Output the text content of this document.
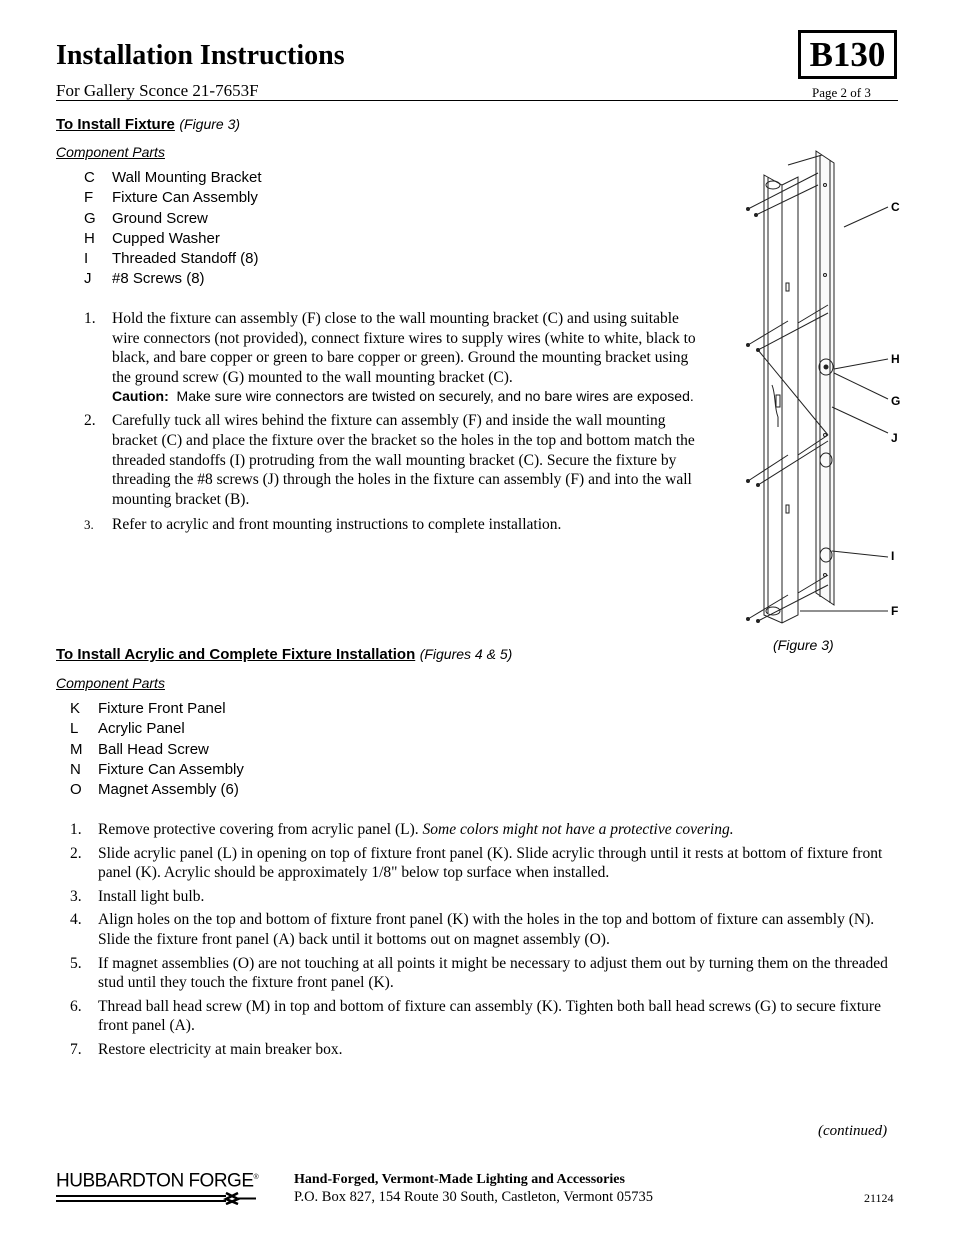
Installation Instructions	B130
For Gallery Sconce 21-7653F	Page 2 of 3
To Install Fixture (Figure 3)
Component Parts
C	Wall Mounting Bracket
F	Fixture Can Assembly
G	Ground Screw
H	Cupped Washer
I	Threaded Standoff (8)
J	#8 Screws (8)
1.	Hold the fixture can assembly (F) close to the wall mounting bracket (C) and using suitable wire connectors (not provided), connect fixture wires to supply wires (white to white, black to black, and bare copper or green to bare copper or green). Ground the mounting bracket using the ground screw (G) mounted to the wall mounting bracket (C).
Caution: Make sure wire connectors are twisted on securely, and no bare wires are exposed.
2.	Carefully tuck all wires behind the fixture can assembly (F) and inside the wall mounting bracket (C) and place the fixture over the bracket so the holes in the top and bottom match the threaded standoffs (I) protruding from the wall mounting bracket (C). Secure the fixture by threading the #8 screws (J) through the holes in the fixture can assembly (F) and into the wall mounting bracket (B).
3.	Refer to acrylic and front mounting instructions to complete installation.
C
H
G
J
I
F
(Figure 3)
To Install Acrylic and Complete Fixture Installation (Figures 4 & 5)
Component Parts
K	Fixture Front Panel
L	Acrylic Panel
M	Ball Head Screw
N	Fixture Can Assembly
O	Magnet Assembly (6)
1.	Remove protective covering from acrylic panel (L). Some colors might not have a protective covering.
2.	Slide acrylic panel (L) in opening on top of fixture front panel (K). Slide acrylic through until it rests at bottom of fixture front panel (K). Acrylic should be approximately 1/8" below top surface when installed.
3.	Install light bulb.
4.	Align holes on the top and bottom of fixture front panel (K) with the holes in the top and bottom of fixture can assembly (N). Slide the fixture front panel (A) back until it bottoms out on magnet assembly (O).
5.	If magnet assemblies (O) are not touching at all points it might be necessary to adjust them out by turning them on the threaded stud until they touch the fixture front panel (K).
6.	Thread ball head screw (M) in top and bottom of fixture can assembly (K). Tighten both ball head screws (G) to secure fixture front panel (A).
7.	Restore electricity at main breaker box.
(continued)
HUBBARDTON FORGE®	Hand-Forged, Vermont-Made Lighting and Accessories
P.O. Box 827, 154 Route 30 South, Castleton, Vermont 05735	21124
